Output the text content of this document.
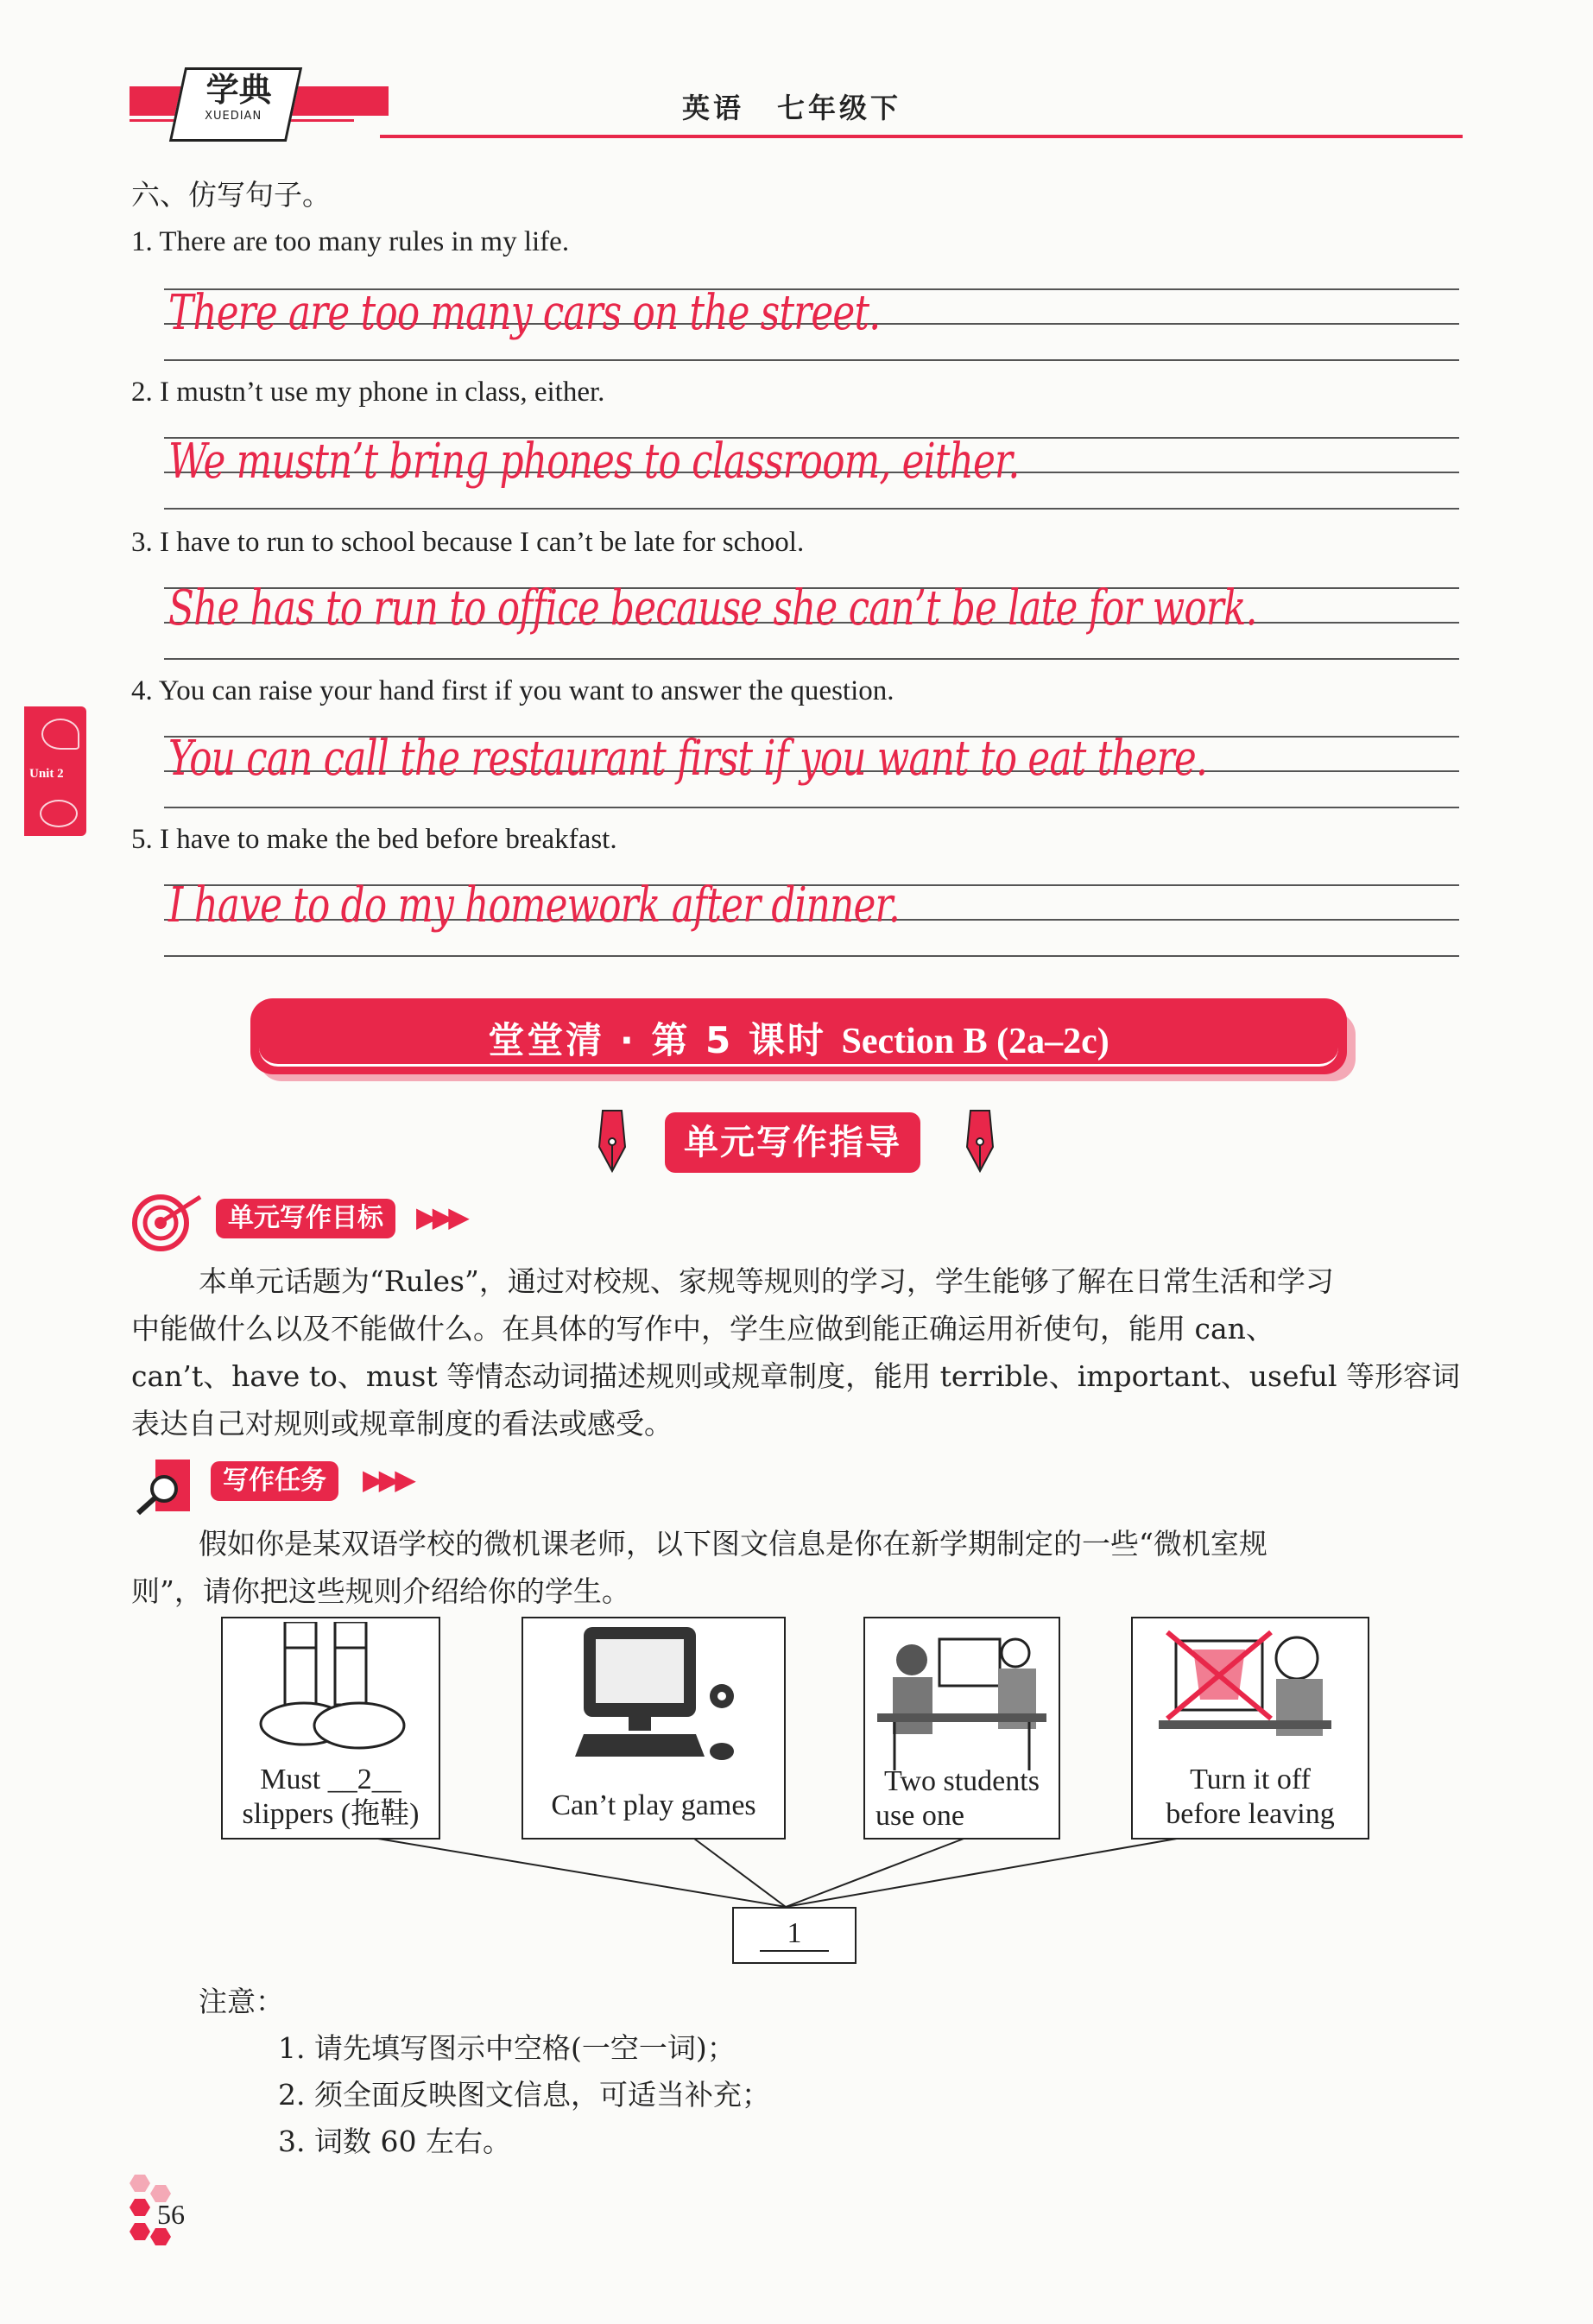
学典
XUEDIAN	英语 七年级下
Unit 2
六、仿写句子。
1. There are too many rules in my life.
There are too many cars on the street.
2. I mustn’t use my phone in class, either.
We mustn’t bring phones to classroom, either.
3. I have to run to school because I can’t be late for school.
She has to run to office because she can’t be late for work.
4. You can raise your hand first if you want to answer the question.
You can call the restaurant first if you want to eat there.
5. I have to make the bed before breakfast.
I have to do my homework after dinner.
堂堂清 · 第 5 课时 Section B (2a–2c)
单元写作指导
单元写作目标	▶▶▶

本单元话题为“Rules”，通过对校规、家规等规则的学习，学生能够了解在日常生活和学习

中能做什么以及不能做什么。在具体的写作中，学生应做到能正确运用祈使句，能用 can、

can’t、have to、must 等情态动词描述规则或规章制度，能用 terrible、important、useful 等形容词

表达自己对规则或规章制度的看法或感受。

写作任务	▶▶▶

假如你是某双语学校的微机课老师，以下图文信息是你在新学期制定的一些“微机室规

则”，请你把这些规则介绍给你的学生。

Must __2__
slippers (拖鞋)	Can’t play games
Two students
use one
Turn it off
before leaving
1
注意：
1. 请先填写图示中空格(一空一词)；
2. 须全面反映图文信息，可适当补充；
3. 词数 60 左右。
56
